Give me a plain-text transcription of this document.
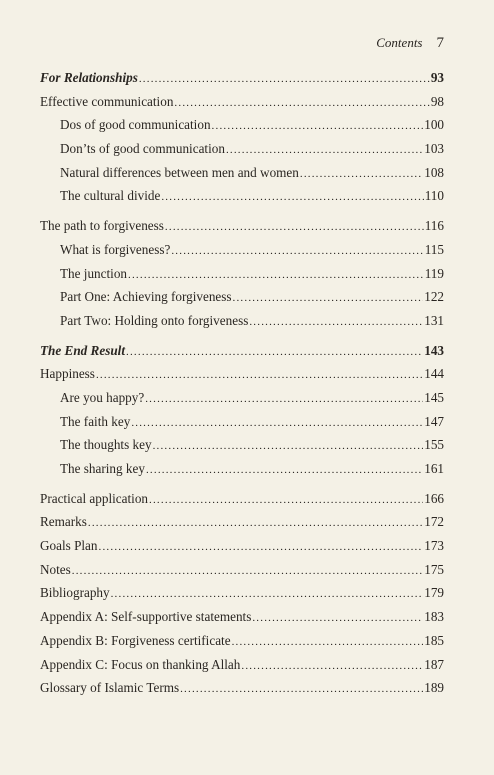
Contents 7
For Relationships .....	93
Effective communication .....	98
Dos of good communication .....	100
Don’ts of good communication .....	103
Natural differences between men and women .....	108
The cultural divide .....	110
The path to forgiveness .....	116
What is forgiveness? .....	115
The junction .....	119
Part One: Achieving forgiveness .....	122
Part Two: Holding onto forgiveness .....	131
The End Result .....	143
Happiness .....	144
Are you happy? .....	145
The faith key .....	147
The thoughts key .....	155
The sharing key .....	161
Practical application .....	166
Remarks .....	172
Goals Plan .....	173
Notes .....	175
Bibliography .....	179
Appendix A: Self-supportive statements .....	183
Appendix B: Forgiveness certificate .....	185
Appendix C: Focus on thanking Allah .....	187
Glossary of Islamic Terms .....	189
